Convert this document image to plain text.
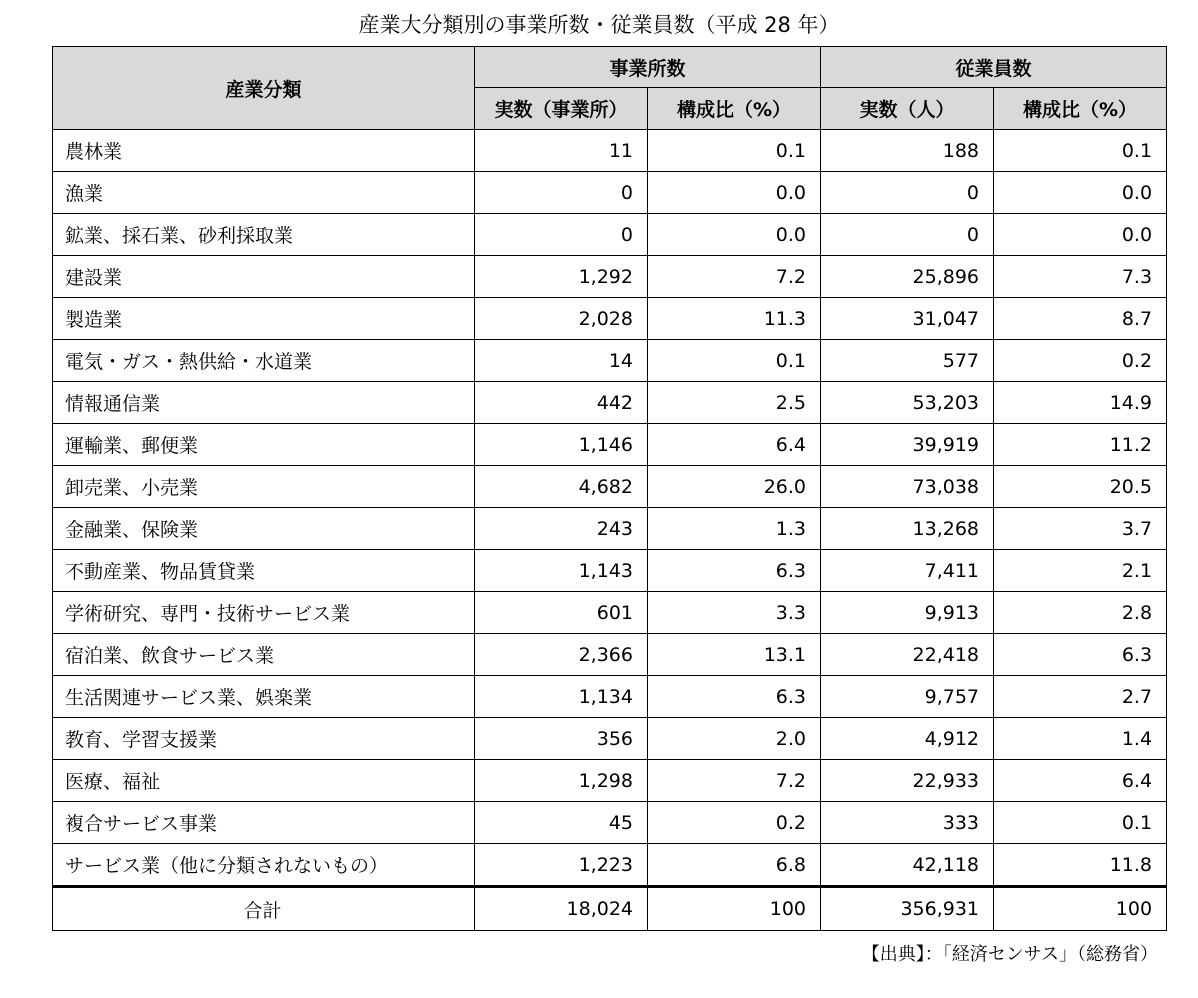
産業大分類別の事業所数・従業員数（平成 28 年）
産業分類	事業所数		従業員数	
	実数（事業所）	構成比（%）	実数（人）	構成比（%）
農林業	11	0.1	188	0.1
漁業	0	0.0	0	0.0
鉱業、採石業、砂利採取業	0	0.0	0	0.0
建設業	1,292	7.2	25,896	7.3
製造業	2,028	11.3	31,047	8.7
電気・ガス・熱供給・水道業	14	0.1	577	0.2
情報通信業	442	2.5	53,203	14.9
運輸業、郵便業	1,146	6.4	39,919	11.2
卸売業、小売業	4,682	26.0	73,038	20.5
金融業、保険業	243	1.3	13,268	3.7
不動産業、物品賃貸業	1,143	6.3	7,411	2.1
学術研究、専門・技術サービス業	601	3.3	9,913	2.8
宿泊業、飲食サービス業	2,366	13.1	22,418	6.3
生活関連サービス業、娯楽業	1,134	6.3	9,757	2.7
教育、学習支援業	356	2.0	4,912	1.4
医療、福祉	1,298	7.2	22,933	6.4
複合サービス事業	45	0.2	333	0.1
サービス業（他に分類されないもの）	1,223	6.8	42,118	11.8
合計	18,024	100	356,931	100
【出典】：「経済センサス」（総務省）
